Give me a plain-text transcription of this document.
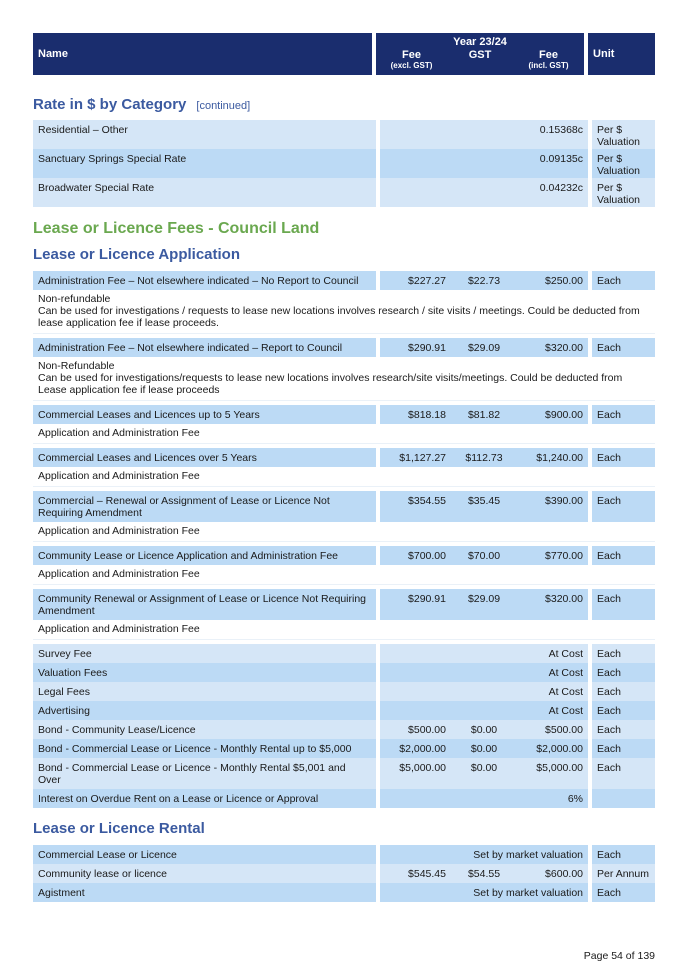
Name	Year 23/24			Unit
	Fee
(excl. GST)	GST	Fee
(incl. GST)	
Rate in $ by Category [continued]
Residential – Other		0.15368c		Per $ Valuation
Sanctuary Springs Special Rate		0.09135c		Per $ Valuation
Broadwater Special Rate		0.04232c		Per $ Valuation
Lease or Licence Fees - Council Land
Lease or Licence Application
Administration Fee – Not elsewhere indicated – No Report to Council		$227.27	$22.73	$250.00		Each
Non-refundable
Can be used for investigations / requests to lease new locations involves research / site visits / meetings. Could be deducted from lease application fee if lease proceeds.						

Administration Fee – Not elsewhere indicated – Report to Council		$290.91	$29.09	$320.00		Each
Non-Refundable
Can be used for investigations/requests to lease new locations involves research/site visits/meetings. Could be deducted from Lease application fee if lease proceeds						

Commercial Leases and Licences up to 5 Years		$818.18	$81.82	$900.00		Each
Application and Administration Fee						

Commercial Leases and Licences over 5 Years		$1,127.27	$112.73	$1,240.00		Each
Application and Administration Fee						

Commercial – Renewal or Assignment of Lease or Licence Not Requiring Amendment		$354.55	$35.45	$390.00		Each
Application and Administration Fee						

Community Lease or Licence Application and Administration Fee		$700.00	$70.00	$770.00		Each
Application and Administration Fee						

Community Renewal or Assignment of Lease or Licence Not Requiring Amendment		$290.91	$29.09	$320.00		Each
Application and Administration Fee						

Survey Fee		At Cost				Each
Valuation Fees		At Cost				Each
Legal Fees		At Cost				Each
Advertising		At Cost				Each
Bond - Community Lease/Licence		$500.00	$0.00	$500.00		Each
Bond - Commercial Lease or Licence - Monthly Rental up to $5,000		$2,000.00	$0.00	$2,000.00		Each
Bond - Commercial Lease or Licence - Monthly Rental $5,001 and Over		$5,000.00	$0.00	$5,000.00		Each
Interest on Overdue Rent on a Lease or Licence or Approval		6%				
Lease or Licence Rental
Commercial Lease or Licence		Set by market valuation				Each
Community lease or licence		$545.45	$54.55	$600.00		Per Annum
Agistment		Set by market valuation				Each
Page 54 of 139
